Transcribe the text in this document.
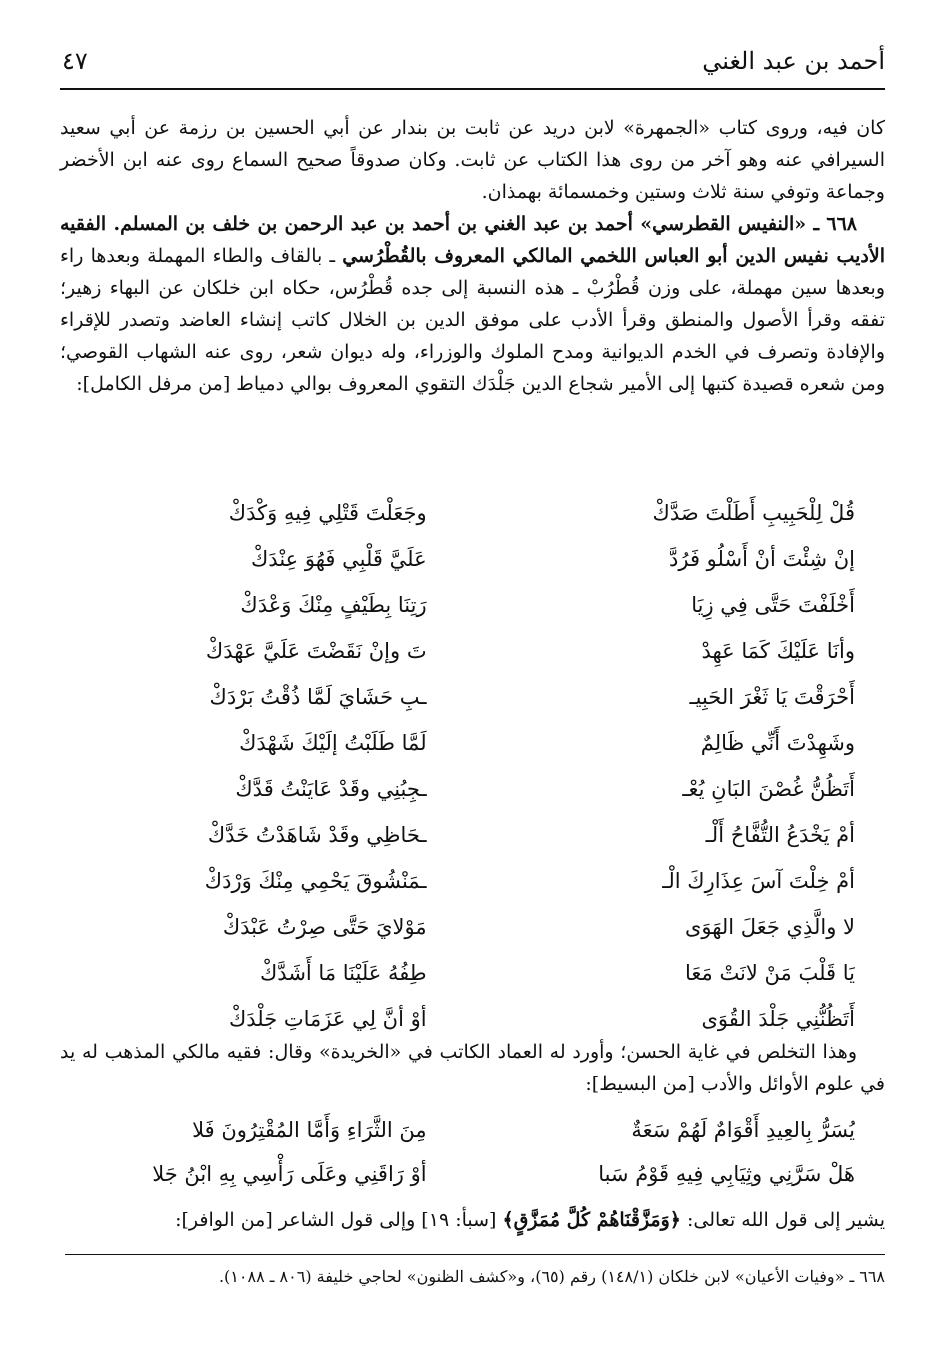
أحمد بن عبد الغني
٤٧

كان فيه، وروى كتاب «الجمهرة» لابن دريد عن ثابت بن بندار عن أبي الحسين بن رزمة عن أبي سعيد السيرافي عنه وهو آخر من روى هذا الكتاب عن ثابت. وكان صدوقاً صحيح السماع روى عنه ابن الأخضر وجماعة وتوفي سنة ثلاث وستين وخمسمائة بهمذان.

٦٦٨ ـ «النفيس القطرسي» أحمد بن عبد الغني بن أحمد بن عبد الرحمن بن خلف بن المسلم. الفقيه الأديب نفيس الدين أبو العباس اللخمي المالكي المعروف بالقُطْرُسي ـ بالقاف والطاء المهملة وبعدها راء وبعدها سين مهملة، على وزن قُطْرُبْ ـ هذه النسبة إلى جده قُطْرُس، حكاه ابن خلكان عن البهاء زهير؛ تفقه وقرأ الأصول والمنطق وقرأ الأدب على موفق الدين بن الخلال كاتب إنشاء العاضد وتصدر للإقراء والإفادة وتصرف في الخدم الديوانية ومدح الملوك والوزراء، وله ديوان شعر، روى عنه الشهاب القوصي؛ ومن شعره قصيدة كتبها إلى الأمير شجاع الدين جَلْدَك التقوي المعروف بوالي دمياط [من مرفل الكامل]:

قُلْ لِلْحَبِيبِ أَطَلْتَ صَدَّكْ
وجَعَلْتَ قَتْلِي فِيهِ وَكْدَكْ
إنْ شِئْتَ أنْ أَسْلُو فَرُدَّ
عَلَيَّ قَلْبِي فَهُوَ عِنْدَكْ
أَخْلَفْتَ حَتَّى فِي زِيَا
رَتِنَا بِطَيْفٍ مِنْكَ وَعْدَكْ
وأنَا عَلَيْكَ كَمَا عَهِدْ
تَ وإنْ نَقَضْتَ عَلَيَّ عَهْدَكْ
أَحْرَقْتَ يَا ثَغْرَ الحَبِيـ
ـبِ حَشَايَ لَمَّا ذُقْتُ بَرْدَكْ
وشَهِدْتَ أَنِّي ظَالِمٌ
لَمَّا طَلَبْتُ إلَيْكَ شَهْدَكْ
أَتَظُنُّ غُصْنَ البَانِ يُعْـ
ـجِبُنِي وقَدْ عَايَنْتُ قَدَّكْ
أمْ يَخْدَعُ التُّفَّاحُ أَلْـ
ـحَاظِي وقَدْ شَاهَدْتُ خَدَّكْ
أمْ خِلْتَ آسَ عِذَارِكَ الْـ
ـمَنْشُوقَ يَحْمِي مِنْكَ وَرْدَكْ
لا والَّذِي جَعَلَ الهَوَى
مَوْلايَ حَتَّى صِرْتُ عَبْدَكْ
يَا قَلْبَ مَنْ لانَتْ مَعَا
طِفُهُ عَلَيْنَا مَا أَشَدَّكْ
أَتَظُنُّنِي جَلْدَ القُوَى
أوْ أنَّ لِي عَزَمَاتِ جَلْدَكْ

وهذا التخلص في غاية الحسن؛ وأورد له العماد الكاتب في «الخريدة» وقال: فقيه مالكي المذهب له يد في علوم الأوائل والأدب [من البسيط]:

يُسَرُّ بِالعِيدِ أَقْوَامٌ لَهُمْ سَعَةٌ
مِنَ الثَّرَاءِ وَأَمَّا المُقْتِرُونَ فَلا
هَلْ سَرَّنِي وثِيَابِي فِيهِ قَوْمُ سَبا
أوْ رَاقَنِي وعَلَى رَأْسِي بِهِ ابْنُ جَلا
يشير إلى قول الله تعالى: ﴿وَمَزَّقْنَاهُمْ كُلَّ مُمَزَّقٍ﴾ [سبأ: ١٩] وإلى قول الشاعر [من الوافر]:
٦٦٨ ـ «وفيات الأعيان» لابن خلكان (١٤٨/١) رقم (٦٥)، و«كشف الظنون» لحاجي خليفة (٨٠٦ ـ ١٠٨٨).
